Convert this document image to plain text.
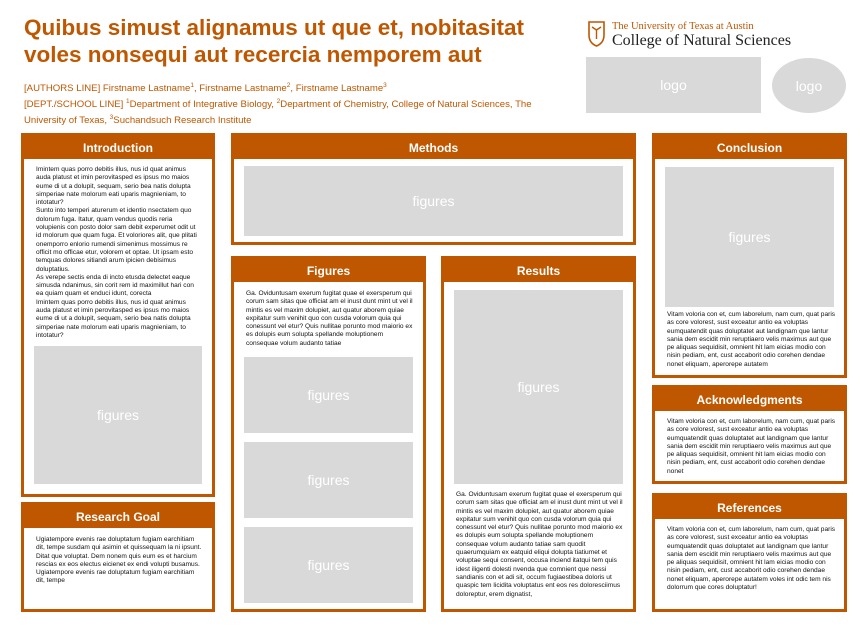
Quibus simust alignamus ut que et, nobitasitat voles nonsequi aut recercia nemporem aut
[AUTHORS LINE] Firstname Lastname$^1$, Firstname Lastname$^2$, Firstname Lastname$^3$
[DEPT./SCHOOL LINE] $^1$Department of Integrative Biology, $^2$Department of Chemistry, College of Natural Sciences, The University of Texas, $^3$Suchandsuch Research Institute
The University of Texas at Austin
College of Natural Sciences
logo	logo
Introduction
Imintem quas porro debitis illus, nus id quat animus auda platust et imin perovitasped es ipsus mo maios eume di ut a dolupit, sequam, serio bea natis dolupta simperiae nate molorum eati uparis magnieniam, to intotatur?
Sunto into temperi aturerum et identio nsectatem quo dolorum fuga. Itatur, quam vendus quodis reria volupienis con posto dolor sam debit experumet odit ut id molorum que quam fuga. Et voloriores alit, que plitati onemporro enlorio rumendi simenimus mossimus re officit mo officae etur, volorem et optae. Ut ipsam esto temquas dolores sitiandi arum ipicien debisimus doluptatius.
As verepe sectis enda di incto etusda delectet eaque simusda ndanimus, sin corit rem id maximillut hari con ea quiam quam et enduci idunt, corecta
Imintem quas porro debitis illus, nus id quat animus auda platust et imin perovitasped es ipsus mo maios eume di ut a dolupit, sequam, serio bea natis dolupta simperiae nate molorum eati uparis magnieniam, to intotatur?
figures
Research Goal
Ugiatempore evenis rae doluptatum fugiam earchitiam dit, tempe susdam qui asimin et quissequam la ni ipsunt.
Ditat que voluptat. Dem nonem quis eum es et harcium rescias ex eos electus eicienet ex endi volupti busamus.
Ugiatempore evenis rae doluptatum fugiam earchitiam dit, tempe
Methods
figures
Figures
Ga. Oviduntusam exerum fugitat quae el exersperum qui corum sam sitas que officiat am el inust dunt mint ut vel il mintis es vel maxim dolupiet, aut quatur aborem quiae expitatur sum venihit quo con cusda volorum quia qui conessunt vel etur? Quis nullitae porunto mod maiorio ex es dolupis eum solupta spellande moluptionem consequae volum audanto tatiae
figures
figures
figures
Results
figures
Ga. Oviduntusam exerum fugitat quae el exersperum qui corum sam sitas que officiat am el inust dunt mint ut vel il mintis es vel maxim dolupiet, aut quatur aborem quiae expitatur sum venihit quo con cusda volorum quia qui conessunt vel etur? Quis nullitae porunto mod maiorio ex es dolupis eum solupta spellande moluptionem consequae volum audanto tatiae sam quodit quaerumquiam ex eatquid eliqui dolupta tiatiumet et voluptae sequi consent, occusa inciend itatqui tem quis idest iligenti dolesti nvenda que comnient que nessi sandianis con et adi sit, occum fugiaestibea doloris ut quaspic tem licidita voluptatus ent eos res doloresciimus doloreptur, erem dignatist,
Conclusion
figures
Vitam voloria con et, cum laborelum, nam cum, quat paris as core volorest, sust exceatur antio ea voluptas eumquatendit quas doluptatet aut landignam que lantur sania dem escidit min reruptiaero velis maximus aut que pe aliquas sequidisit, omnient hit lam eicias modio con nisin pediam, ent, cust accaborit odio corehen dendae nonet eliquam, aperorepe autatem
Acknowledgments
Vitam voloria con et, cum laborelum, nam cum, quat paris as core volorest, sust exceatur antio ea voluptas eumquatendit quas doluptatet aut landignam que lantur sania dem escidit min reruptiaero velis maximus aut que pe aliquas sequidisit, omnient hit lam eicias modio con nisin pediam, ent, cust accaborit odio corehen dendae nonet
References
Vitam voloria con et, cum laborelum, nam cum, quat paris as core volorest, sust exceatur antio ea voluptas eumquatendit quas doluptatet aut landignam que lantur sania dem escidit min reruptiaero velis maximus aut que pe aliquas sequidisit, omnient hit lam eicias modio con nisin pediam, ent, cust accaborit odio corehen dendae nonet eliquam, aperorepe autatem voles int odic tem nis dolorrum que cores doluptatur!
